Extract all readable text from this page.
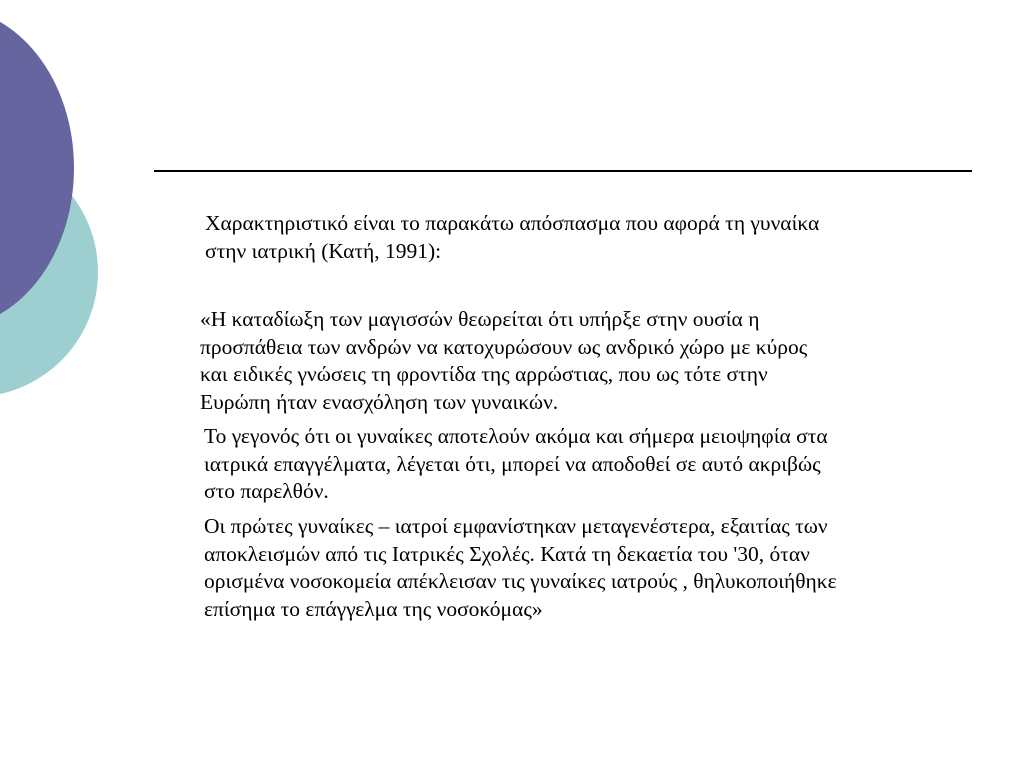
Χαρακτηριστικό είναι το παρακάτω απόσπασμα που αφορά τη γυναίκα
στην ιατρική (Κατή, 1991):

«Η καταδίωξη των μαγισσών θεωρείται ότι υπήρξε στην ουσία η
προσπάθεια των ανδρών να κατοχυρώσουν ως ανδρικό χώρο με κύρος
και ειδικές γνώσεις τη φροντίδα της αρρώστιας, που ως τότε στην
Ευρώπη ήταν ενασχόληση των γυναικών.

Το γεγονός ότι οι γυναίκες αποτελούν ακόμα και σήμερα μειοψηφία στα
ιατρικά επαγγέλματα, λέγεται ότι, μπορεί να αποδοθεί σε αυτό ακριβώς
στο παρελθόν.

Οι πρώτες γυναίκες – ιατροί εμφανίστηκαν μεταγενέστερα, εξαιτίας των
αποκλεισμών από τις Ιατρικές Σχολές. Κατά τη δεκαετία του '30, όταν
ορισμένα νοσοκομεία απέκλεισαν τις γυναίκες ιατρούς , θηλυκοποιήθηκε
επίσημα το επάγγελμα της νοσοκόμας»
